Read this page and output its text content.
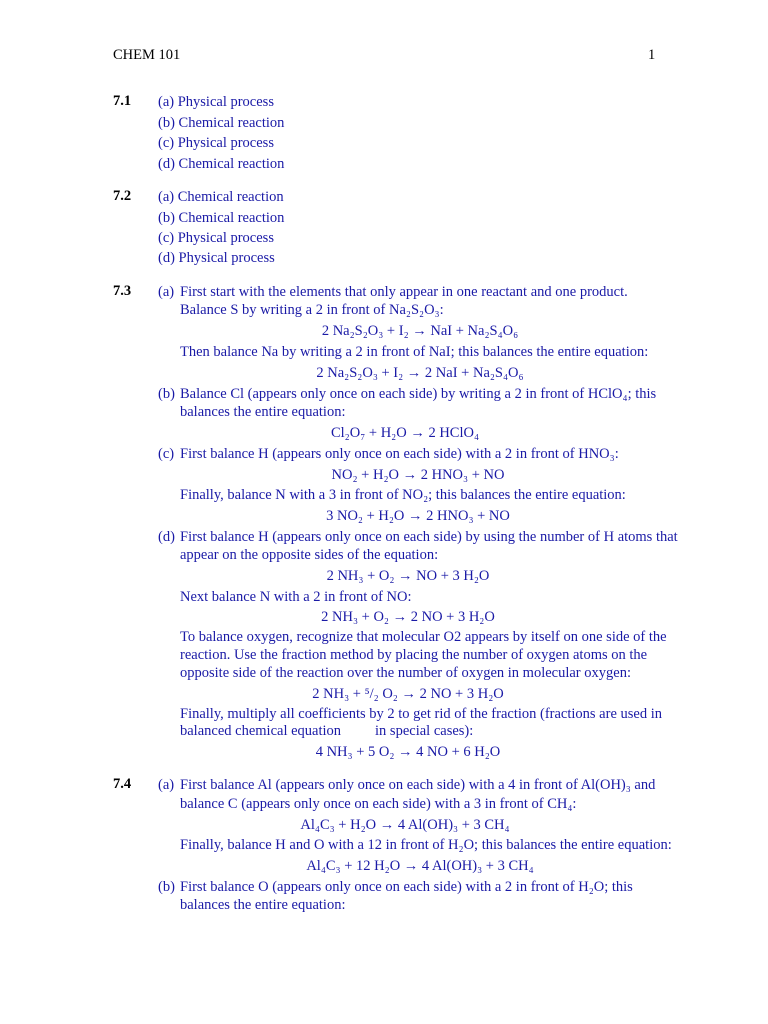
CHEM 101	1
7.1 (a) Physical process
(b) Chemical reaction
(c) Physical process
(d) Chemical reaction
7.2 (a) Chemical reaction
(b) Chemical reaction
(c) Physical process
(d) Physical process
7.3 (a) First start with the elements that only appear in one reactant and one product.
Balance S by writing a 2 in front of Na₂S₂O₃:
2 Na₂S₂O₃ + I₂ → NaI + Na₂S₄O₆
Then balance Na by writing a 2 in front of NaI; this balances the entire equation:
2 Na₂S₂O₃ + I₂ → 2 NaI + Na₂S₄O₆
(b) Balance Cl (appears only once on each side) by writing a 2 in front of HClO₄; this
balances the entire equation:
Cl₂O₇ + H₂O → 2 HClO₄
(c) First balance H (appears only once on each side) with a 2 in front of HNO₃:
NO₂ + H₂O → 2 HNO₃ + NO
Finally, balance N with a 3 in front of NO₂; this balances the entire equation:
3 NO₂ + H₂O → 2 HNO₃ + NO
(d) First balance H (appears only once on each side) by using the number of H atoms that
appear on the opposite sides of the equation:
2 NH₃ + O₂ → NO + 3 H₂O
Next balance N with a 2 in front of NO:
2 NH₃ + O₂ → 2 NO + 3 H₂O
To balance oxygen, recognize that molecular O2 appears by itself on one side of the
reaction. Use the fraction method by placing the number of oxygen atoms on the
opposite side of the reaction over the number of oxygen in molecular oxygen:
2 NH₃ + ⁵/₂ O₂ → 2 NO + 3 H₂O
Finally, multiply all coefficients by 2 to get rid of the fraction (fractions are used in
balanced chemical equation in special cases):
4 NH₃ + 5 O₂ → 4 NO + 6 H₂O
7.4 (a) First balance Al (appears only once on each side) with a 4 in front of Al(OH)₃ and
balance C (appears only once on each side) with a 3 in front of CH₄:
Al₄C₃ + H₂O → 4 Al(OH)₃ + 3 CH₄
Finally, balance H and O with a 12 in front of H₂O; this balances the entire equation:
Al₄C₃ + 12 H₂O → 4 Al(OH)₃ + 3 CH₄
(b) First balance O (appears only once on each side) with a 2 in front of H₂O; this
balances the entire equation:
